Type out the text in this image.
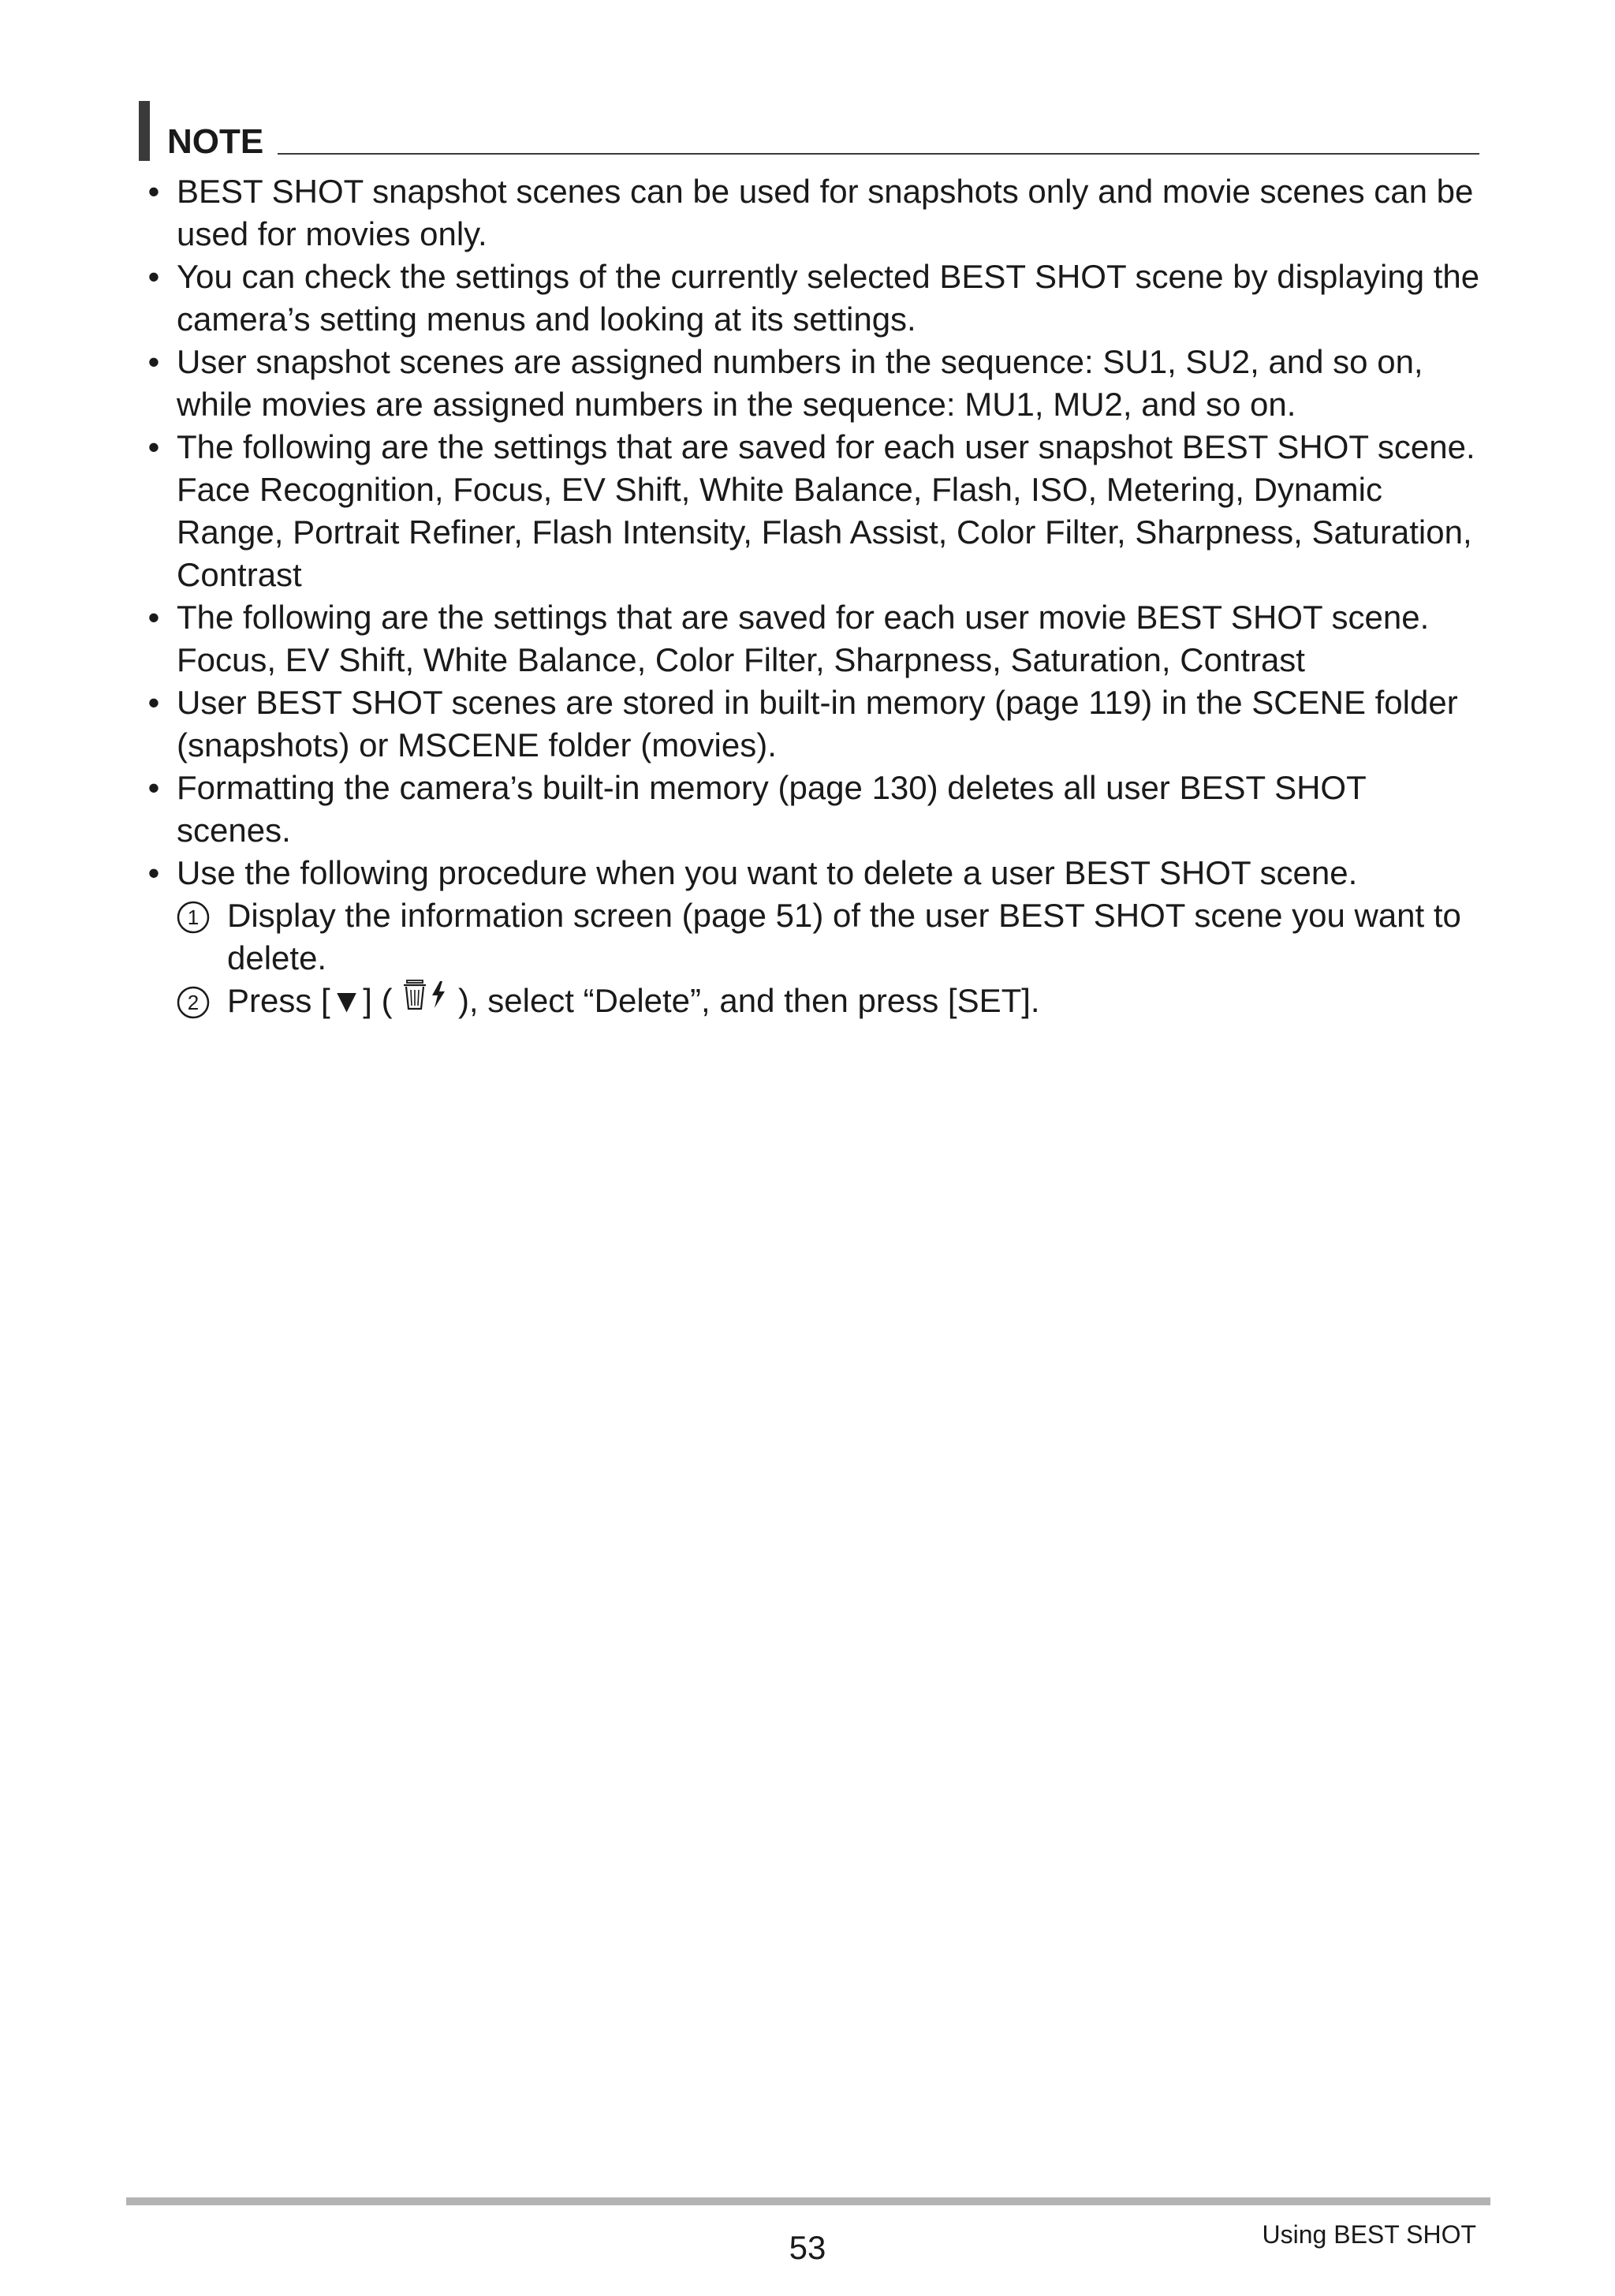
NOTE
• BEST SHOT snapshot scenes can be used for snapshots only and movie scenes can be used for movies only.
• You can check the settings of the currently selected BEST SHOT scene by displaying the camera’s setting menus and looking at its settings.
• User snapshot scenes are assigned numbers in the sequence: SU1, SU2, and so on, while movies are assigned numbers in the sequence: MU1, MU2, and so on.
• The following are the settings that are saved for each user snapshot BEST SHOT scene.
Face Recognition, Focus, EV Shift, White Balance, Flash, ISO, Metering, Dynamic Range, Portrait Refiner, Flash Intensity, Flash Assist, Color Filter, Sharpness, Saturation, Contrast
• The following are the settings that are saved for each user movie BEST SHOT scene.
Focus, EV Shift, White Balance, Color Filter, Sharpness, Saturation, Contrast
• User BEST SHOT scenes are stored in built-in memory (page 119) in the SCENE folder (snapshots) or MSCENE folder (movies).
• Formatting the camera’s built-in memory (page 130) deletes all user BEST SHOT scenes.
• Use the following procedure when you want to delete a user BEST SHOT scene.
1 Display the information screen (page 51) of the user BEST SHOT scene you want to delete.
2 Press [▼] ( ), select “Delete”, and then press [SET].
53	Using BEST SHOT
